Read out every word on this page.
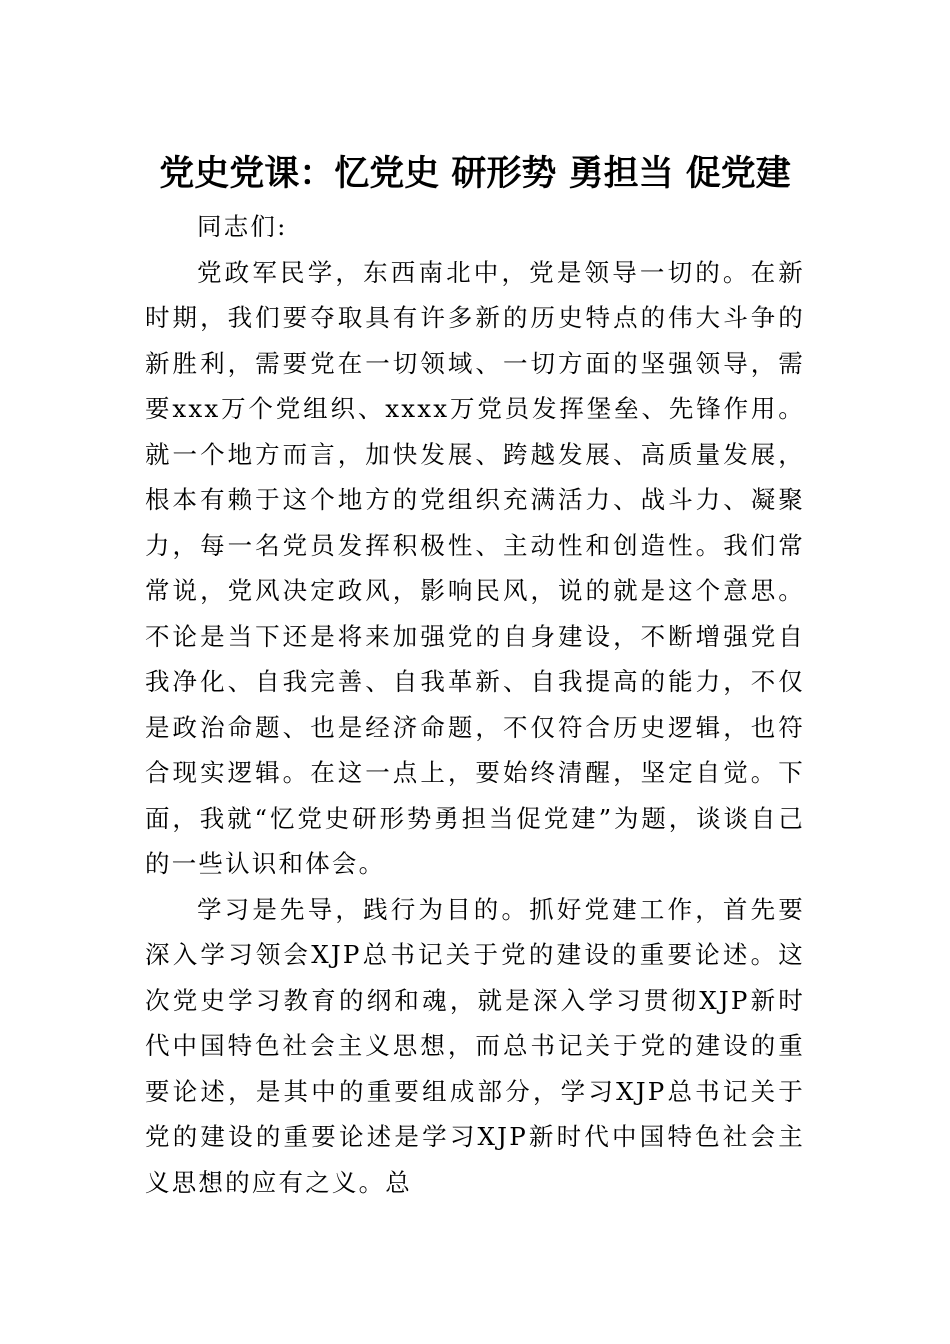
党史党课：忆党史 研形势 勇担当 促党建

同志们:

党政军民学，东西南北中，党是领导一切的。在新时期，我们要夺取具有许多新的历史特点的伟大斗争的新胜利，需要党在一切领域、一切方面的坚强领导，需要xxx万个党组织、xxxx万党员发挥堡垒、先锋作用。就一个地方而言，加快发展、跨越发展、高质量发展，根本有赖于这个地方的党组织充满活力、战斗力、凝聚力，每一名党员发挥积极性、主动性和创造性。我们常常说，党风决定政风，影响民风，说的就是这个意思。不论是当下还是将来加强党的自身建设，不断增强党自我净化、自我完善、自我革新、自我提高的能力，不仅是政治命题、也是经济命题，不仅符合历史逻辑，也符合现实逻辑。在这一点上，要始终清醒，坚定自觉。下面，我就“忆党史研形势勇担当促党建”为题，谈谈自己的一些认识和体会。

学习是先导，践行为目的。抓好党建工作，首先要深入学习领会XJP总书记关于党的建设的重要论述。这次党史学习教育的纲和魂，就是深入学习贯彻XJP新时代中国特色社会主义思想，而总书记关于党的建设的重要论述，是其中的重要组成部分，学习XJP总书记关于党的建设的重要论述是学习XJP新时代中国特色社会主义思想的应有之义。总
